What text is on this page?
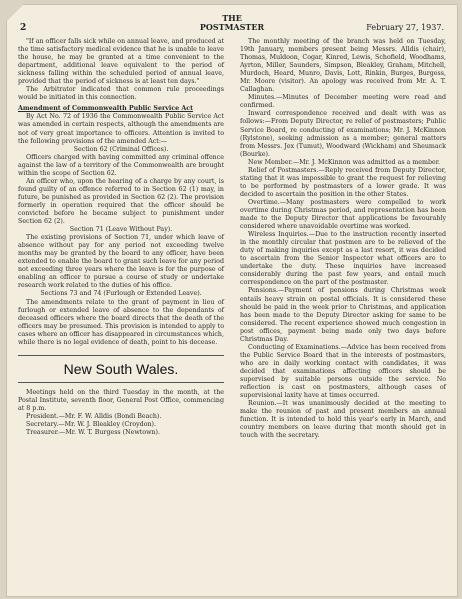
2
THE
POSTMASTER	February 27, 1937.

"If an officer falls sick while on annual leave, and produced at the time satisfactory medical evidence that he is unable to leave the house, he may be granted at a time convenient to the department, additional leave equivalent to the period of sickness falling within the scheduled period of annual leave, provided that the period of sickness is at least ten days."

The Arbitrator indicated that common rule proceedings would be initiated in this connection.

Amendment of Commonwealth Public Service Act

By Act No. 72 of 1936 the Commonwealth Public Service Act was amended in certain respects, although the amendments are not of very great importance to officers. Attention is invited to the following provisions of the amended Act:—

Section 62 (Criminal Offices).

Officers charged with having committed any criminal offence against the law of a territory of the Commonwealth are brought within the scope of Section 62.

An officer who, upon the hearing of a charge by any court, is found guilty of an offence referred to in Section 62 (1) may, in future, be punished as provided in Section 62 (2). The provision formerly in operation required that the officer should be convicted before he became subject to punishment under Section 62 (2).

Section 71 (Leave Without Pay).

The existing provisions of Section 71, under which leave of absence without pay for any period not exceeding twelve months may be granted by the board to any officer, have been extended to enable the board to grant such leave for any period not exceeding three years where the leave is for the purpose of enabling an officer to pursue a course of study or undertake research work related to the duties of his office.

Sections 73 and 74 (Furlough or Extended Leave).

The amendments relate to the grant of payment in lieu of furlough or extended leave of absence to the dependants of deceased officers where the board directs that the death of the officers may be presumed. This provision is intended to apply to cases where an officer has disappeared in circumstances which, while there is no legal evidence of death, point to his decease.

New South Wales.

Meetings held on the third Tuesday in the month, at the Postal Institute, seventh floor, General Post Office, commencing at 8 p.m.

President.—Mr. F. W. Alldis (Bondi Beach).
Secretary.—Mr. W. J. Bleakley (Croydon).
Treasurer.—Mr. W. T. Burgess (Newtown).

The monthly meeting of the branch was held on Tuesday, 19th January, members present being Messrs. Alldis (chair), Thomas, Muldoon, Cogar, Kinred, Lewis, Schofield, Woodhams, Ayrton, Miller, Saunders, Simpson, Bleakley, Graham, Mitchell, Murdoch, Heard, Munro, Davis, Lott, Rinkin, Burges, Burgess, Mr. Moore (visitor). An apology was received from Mr. A. T. Callaghan.

Minutes.—Minutes of December meeting were read and confirmed.

Inward correspondence received and dealt with was as follows:—From Deputy Director, re relief of postmasters; Public Service Board, re conducting of examinations; Mr. J. McKinnon (Rylstone), seeking admission as a member; general matters from Messrs. Jex (Tumut), Woodward (Wickham) and Sheumack (Bourke).

New Member.—Mr. J. McKinnon was admitted as a member.

Relief of Postmasters.—Reply received from Deputy Director, stating that it was impossible to grant the request for relieving to be performed by postmasters of a lower grade. It was decided to ascertain the position in the other States.

Overtime.—Many postmasters were compelled to work overtime during Christmas period, and representation has been made to the Deputy Director that applications be favourably considered where unavoidable overtime was worked.

Wireless Inquiries.—Due to the instruction recently inserted in the monthly circular that postmen are to be relieved of the duty of making inquiries except as a last resort, it was decided to ascertain from the Senior Inspector what officers are to undertake the duty. These inquiries have increased considerably during the past few years, and entail much correspondence on the part of the postmaster.

Pensions.—Payment of pensions during Christmas week entails heavy strain on postal officials. It is considered these should be paid in the week prior to Christmas, and application has been made to the Deputy Director asking for same to be considered. The recent experience showed much congestion in post offices, payment being made only two days before Christmas Day.

Conducting of Examinations.—Advice has been received from the Public Service Board that in the interests of postmasters, who are in daily working contact with candidates, it was decided that examinations affecting officers should be supervised by suitable persons outside the service. No reflection is cast on postmasters, although cases of supervisional laxity have at times occurred.

Reunion.—It was unanimously decided at the meeting to make the reunion of past and present members an annual function. It is intended to hold this year's early in March, and country members on leave during that month should get in touch with the secretary.
